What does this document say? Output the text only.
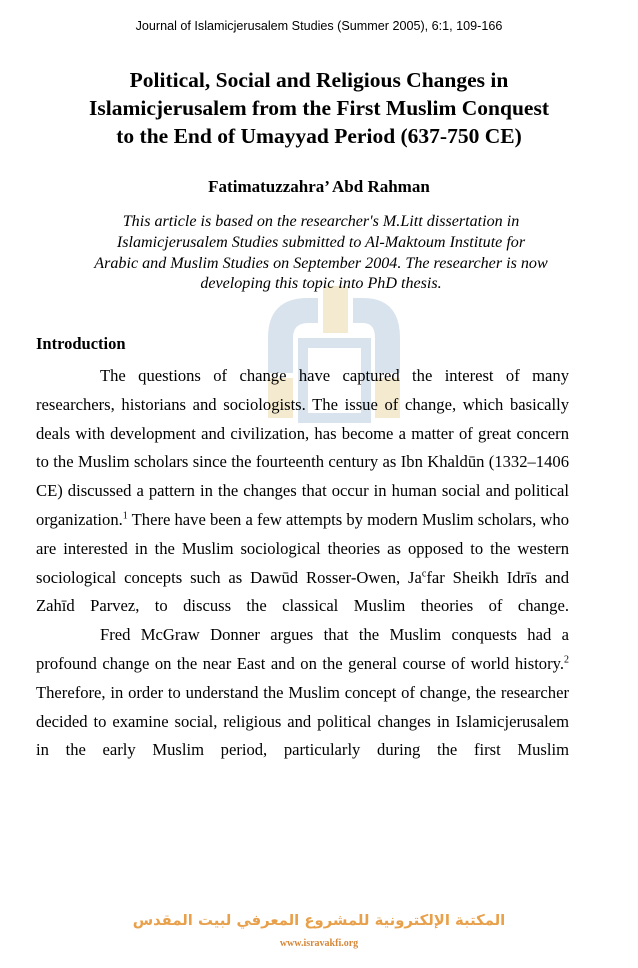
Journal of Islamicjerusalem Studies (Summer 2005), 6:1, 109-166
Political, Social and Religious Changes in
Islamicjerusalem from the First Muslim Conquest
to the End of Umayyad Period (637-750 CE)
Fatimatuzzahra’ Abd Rahman
This article is based on the researcher's M.Litt dissertation in
Islamicjerusalem Studies submitted to Al-Maktoum Institute for
Arabic and Muslim Studies on September 2004. The researcher is now
developing this topic into PhD thesis.
Introduction

The questions of change have captured the interest of many researchers, historians and sociologists. The issue of change, which basically deals with development and civilization, has become a matter of great concern to the Muslim scholars since the fourteenth century as Ibn Khaldūn (1332–1406 CE) discussed a pattern in the changes that occur in human social and political organization.$^1$ There have been a few attempts by modern Muslim scholars, who are interested in the Muslim sociological theories as opposed to the western sociological concepts such as Dawūd Rosser-Owen, Ja$^c$far Sheikh Idrīs and Zahīd Parvez, to discuss the classical Muslim theories of change.

Fred McGraw Donner argues that the Muslim conquests had a profound change on the near East and on the general course of world history.$^2$ Therefore, in order to understand the Muslim concept of change, the researcher decided to examine social, religious and political changes in Islamicjerusalem in the early Muslim period, particularly during the first Muslim

المكتبة الإلكترونية للمشروع المعرفي لبيت المقدس
www.isravakfi.org
